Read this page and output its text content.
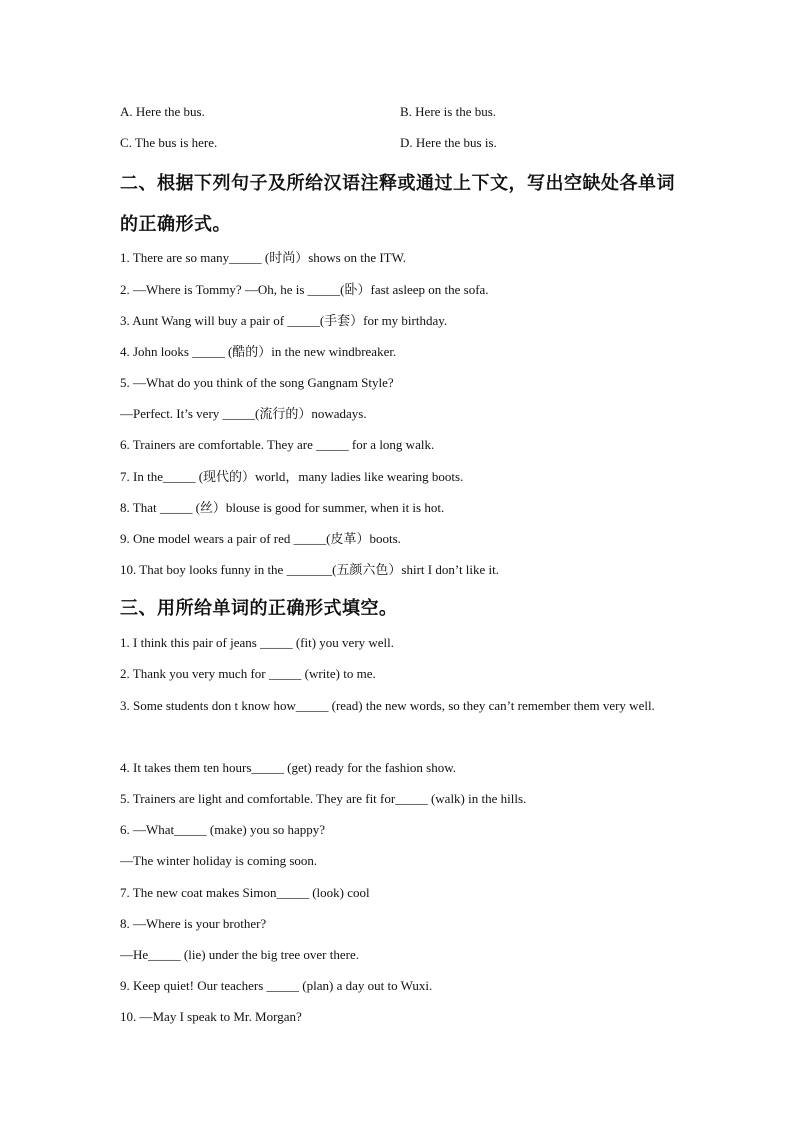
A. Here the bus.	B. Here is the bus.
C. The bus is here.	D. Here the bus is.
二、根据下列句子及所给汉语注释或通过上下文，写出空缺处各单词
的正确形式。
1. There are so many_____ (时尚）shows on the ITW.
2. —Where is Tommy? —Oh, he is _____(卧）fast asleep on the sofa.
3. Aunt Wang will buy a pair of _____(手套）for my birthday.
4. John looks _____ (酷的）in the new windbreaker.
5. —What do you think of the song Gangnam Style?
—Perfect. It’s very _____(流行的）nowadays.
6. Trainers are comfortable. They are _____ for a long walk.
7. In the_____ (现代的）world，many ladies like wearing boots.
8. That _____ (丝）blouse is good for summer, when it is hot.
9. One model wears a pair of red _____(皮革）boots.
10. That boy looks funny in the _______(五颜六色）shirt I don’t like it.
三、用所给单词的正确形式填空。
1. I think this pair of jeans _____ (fit) you very well.
2. Thank you very much for _____ (write) to me.
3. Some students don t know how_____ (read) the new words, so they can’t remember them very well.
4. It takes them ten hours_____ (get) ready for the fashion show.
5. Trainers are light and comfortable. They are fit for_____ (walk) in the hills.
6. —What_____ (make) you so happy?
—The winter holiday is coming soon.
7. The new coat makes Simon_____ (look) cool
8. —Where is your brother?
—He_____ (lie) under the big tree over there.
9. Keep quiet! Our teachers _____ (plan) a day out to Wuxi.
10. —May I speak to Mr. Morgan?
